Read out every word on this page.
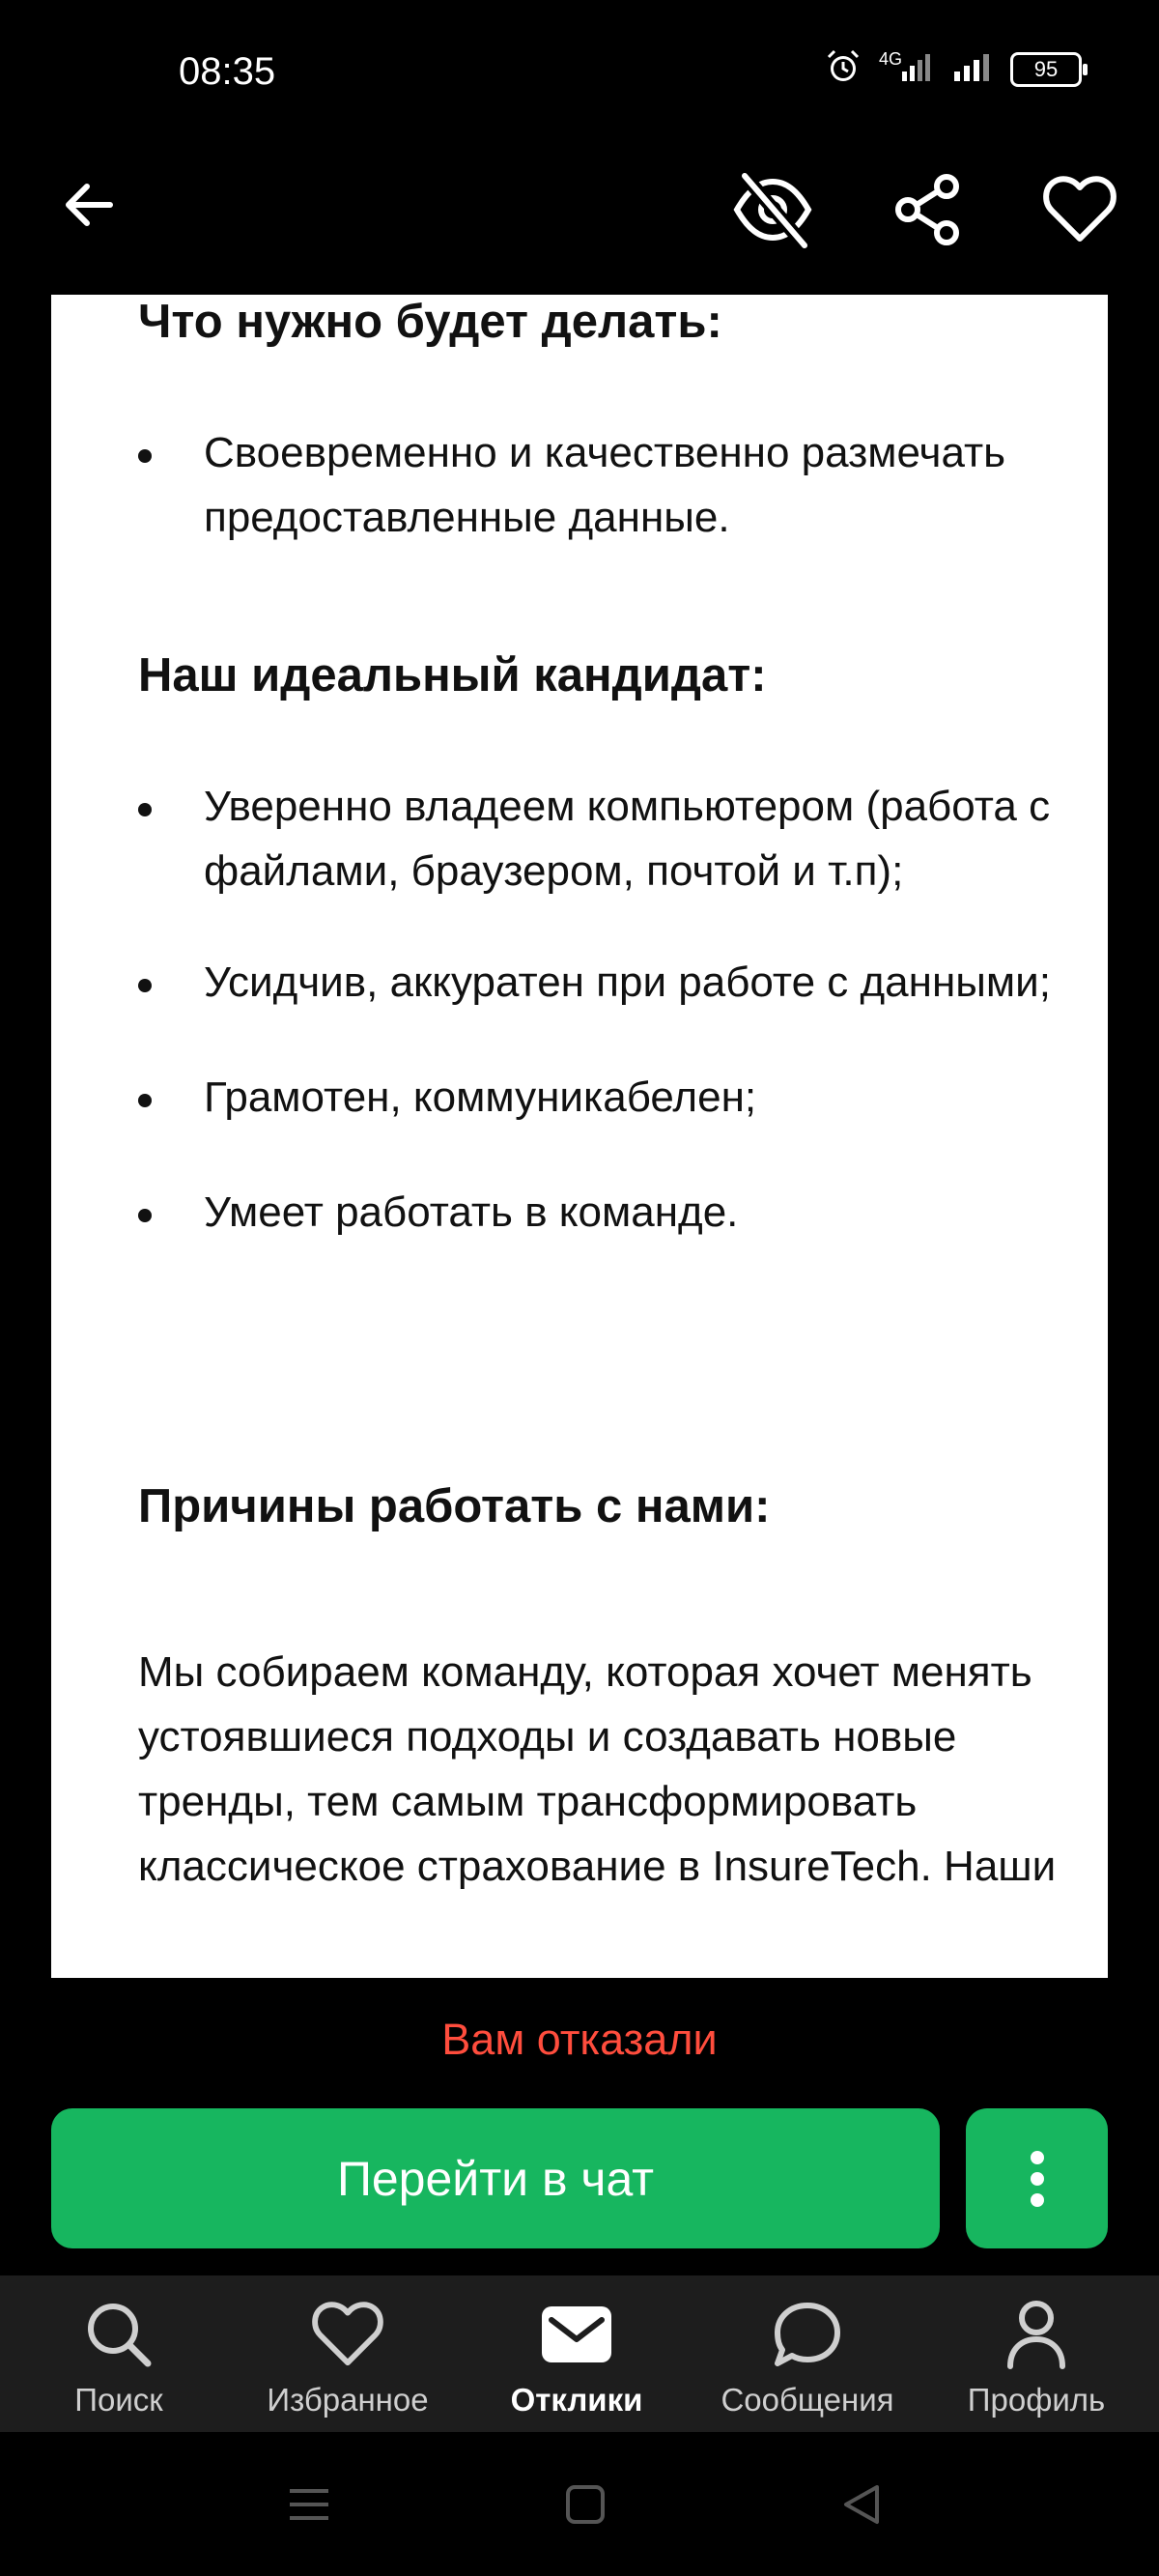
08:35	4G	95
Что нужно будет делать:
Своевременно и качественно размечать предоставленные данные.
Наш идеальный кандидат:
Уверенно владеем компьютером (работа с файлами, браузером, почтой и т.п);
Усидчив, аккуратен при работе с данными;
Грамотен, коммуникабелен;
Умеет работать в команде.
Причины работать с нами:

Мы собираем команду, которая хочет менять устоявшиеся подходы и создавать новые тренды, тем самым трансформировать классическое страхование в InsureTech. Наши

Вам отказали
Перейти в чат
Поиск	Избранное	Отклики	Сообщения	Профиль
